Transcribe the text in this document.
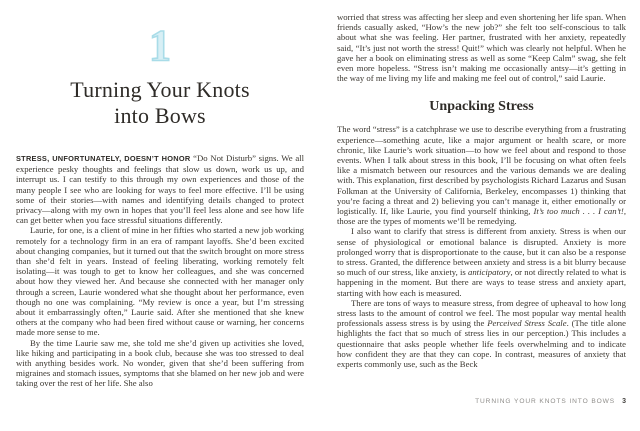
1
Turning Your Knots
into Bows

STRESS, UNFORTUNATELY, DOESN’T HONOR “Do Not Disturb” signs. We all experience pesky thoughts and feelings that slow us down, work us up, and interrupt us. I can testify to this through my own experiences and those of the many people I see who are looking for ways to feel more effective. I’ll be using some of their stories—with names and identifying details changed to protect privacy—along with my own in hopes that you’ll feel less alone and see how life can get better when you face stressful situations differently.

Laurie, for one, is a client of mine in her fifties who started a new job working remotely for a technology firm in an era of rampant layoffs. She’d been excited about changing companies, but it turned out that the switch brought on more stress than she’d felt in years. Instead of feeling liberating, working remotely felt isolating—it was tough to get to know her colleagues, and she was concerned about how they viewed her. And because she connected with her manager only through a screen, Laurie wondered what she thought about her performance, even though no one was complaining. “My review is once a year, but I’m stressing about it embarrassingly often,” Laurie said. After she mentioned that she knew others at the company who had been fired without cause or warning, her concerns made more sense to me.

By the time Laurie saw me, she told me she’d given up activities she loved, like hiking and participating in a book club, because she was too stressed to deal with anything besides work. No wonder, given that she’d been suffering from migraines and stomach issues, symptoms that she blamed on her new job and were taking over the rest of her life. She also

worried that stress was affecting her sleep and even shortening her life span. When friends casually asked, “How’s the new job?” she felt too self-conscious to talk about what she was feeling. Her partner, frustrated with her anxiety, repeatedly said, “It’s just not worth the stress! Quit!” which was clearly not helpful. When he gave her a book on eliminating stress as well as some “Keep Calm” swag, she felt even more hopeless. “Stress isn’t making me occasionally antsy—it’s getting in the way of me living my life and making me feel out of control,” said Laurie.

Unpacking Stress

The word “stress” is a catchphrase we use to describe everything from a frustrating experience—something acute, like a major argument or health scare, or more chronic, like Laurie’s work situation—to how we feel about and respond to those events. When I talk about stress in this book, I’ll be focusing on what often feels like a mismatch between our resources and the various demands we are dealing with. This explanation, first described by psychologists Richard Lazarus and Susan Folkman at the University of California, Berkeley, encompasses 1) thinking that you’re facing a threat and 2) believing you can’t manage it, either emotionally or logistically. If, like Laurie, you find yourself thinking, It’s too much . . . I can’t!, those are the types of moments we’ll be remedying.

I also want to clarify that stress is different from anxiety. Stress is when our sense of physiological or emotional balance is disrupted. Anxiety is more prolonged worry that is disproportionate to the cause, but it can also be a response to stress. Granted, the difference between anxiety and stress is a bit blurry because so much of our stress, like anxiety, is anticipatory, or not directly related to what is happening in the moment. But there are ways to tease stress and anxiety apart, starting with how each is measured.

There are tons of ways to measure stress, from degree of upheaval to how long stress lasts to the amount of control we feel. The most popular way mental health professionals assess stress is by using the Perceived Stress Scale. (The title alone highlights the fact that so much of stress lies in our perception.) This includes a questionnaire that asks people whether life feels overwhelming and to indicate how confident they are that they can cope. In contrast, measures of anxiety that experts commonly use, such as the Beck

TURNING YOUR KNOTS INTO BOWS 3
